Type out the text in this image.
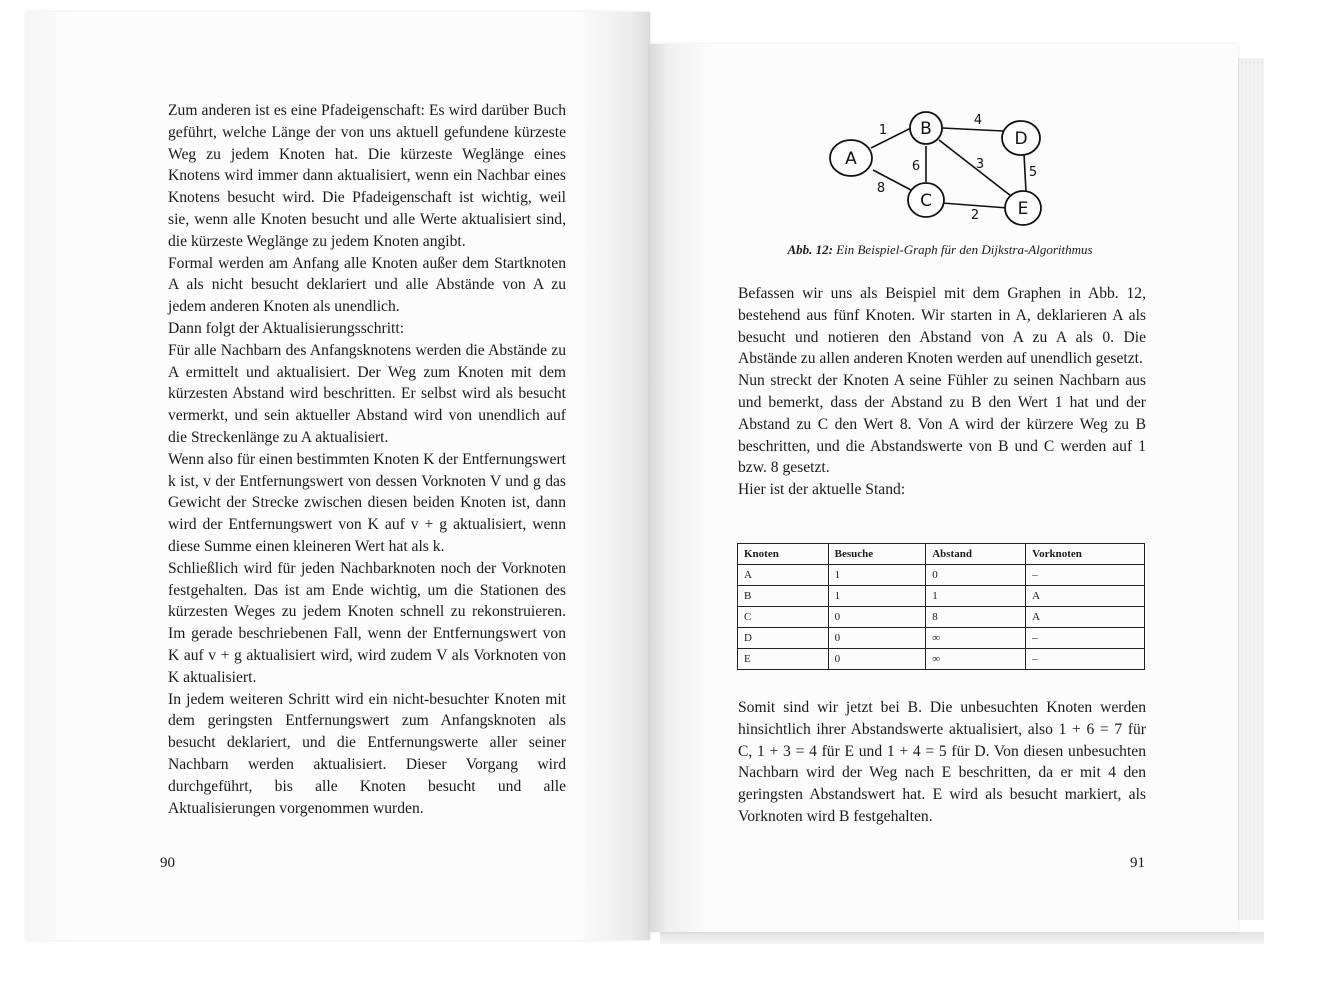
Zum anderen ist es eine Pfadeigenschaft: Es wird darüber Buch geführt, welche Länge der von uns aktuell gefundene kürzeste Weg zu jedem Knoten hat. Die kürzeste Weglänge eines Knotens wird immer dann aktualisiert, wenn ein Nachbar eines Knotens besucht wird. Die Pfadeigenschaft ist wichtig, weil sie, wenn alle Knoten besucht und alle Werte aktualisiert sind, die kürzeste Weglänge zu jedem Knoten angibt.

Formal werden am Anfang alle Knoten außer dem Startknoten A als nicht besucht deklariert und alle Abstände von A zu jedem anderen Knoten als unendlich.

Dann folgt der Aktualisierungsschritt:

Für alle Nachbarn des Anfangsknotens werden die Abstände zu A ermittelt und aktualisiert. Der Weg zum Knoten mit dem kürzesten Abstand wird beschritten. Er selbst wird als besucht vermerkt, und sein aktueller Abstand wird von unendlich auf die Streckenlänge zu A aktualisiert.

Wenn also für einen bestimmten Knoten K der Entfernungswert k ist, v der Entfernungswert von dessen Vorknoten V und g das Gewicht der Strecke zwischen diesen beiden Knoten ist, dann wird der Entfernungswert von K auf v + g aktualisiert, wenn diese Summe einen kleineren Wert hat als k.

Schließlich wird für jeden Nachbarknoten noch der Vorknoten festgehalten. Das ist am Ende wichtig, um die Stationen des kürzesten Weges zu jedem Knoten schnell zu rekonstruieren. Im gerade beschriebenen Fall, wenn der Entfernungswert von K auf v + g aktualisiert wird, wird zudem V als Vorknoten von K aktualisiert.

In jedem weiteren Schritt wird ein nicht-besuchter Knoten mit dem geringsten Entfernungswert zum Anfangsknoten als besucht deklariert, und die Entfernungswerte aller seiner Nachbarn werden aktualisiert. Dieser Vorgang wird durchgeführt, bis alle Knoten besucht und alle Aktualisierungen vorgenommen wurden.

90
A
B
C
D
E
1
8
6
4
3
5
2
Abb. 12: Ein Beispiel-Graph für den Dijkstra-Algorithmus

Befassen wir uns als Beispiel mit dem Graphen in Abb. 12, bestehend aus fünf Knoten. Wir starten in A, deklarieren A als besucht und notieren den Abstand von A zu A als 0. Die Abstände zu allen anderen Knoten werden auf unendlich gesetzt.

Nun streckt der Knoten A seine Fühler zu seinen Nachbarn aus und bemerkt, dass der Abstand zu B den Wert 1 hat und der Abstand zu C den Wert 8. Von A wird der kürzere Weg zu B beschritten, und die Abstandswerte von B und C werden auf 1 bzw. 8 gesetzt.

Hier ist der aktuelle Stand:

Knoten	Besuche	Abstand	Vorknoten
A	1	0	–
B	1	1	A
C	0	8	A
D	0	∞	–
E	0	∞	–

Somit sind wir jetzt bei B. Die unbesuchten Knoten werden hinsichtlich ihrer Abstandswerte aktualisiert, also 1 + 6 = 7 für C, 1 + 3 = 4 für E und 1 + 4 = 5 für D. Von diesen unbesuchten Nachbarn wird der Weg nach E beschritten, da er mit 4 den geringsten Abstandswert hat. E wird als besucht markiert, als Vorknoten wird B festgehalten.

91
